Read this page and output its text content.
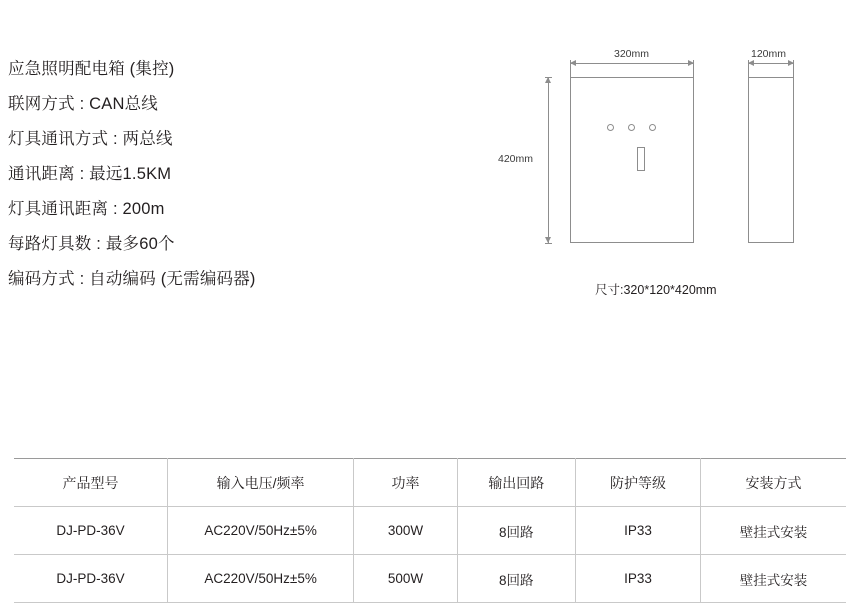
应急照明配电箱 (集控)
联网方式 : CAN总线
灯具通讯方式 : 两总线
通讯距离 : 最远1.5KM
灯具通讯距离 : 200m
每路灯具数 : 最多60个
编码方式 : 自动编码 (无需编码器)
320mm	120mm
420mm
尺寸:320*120*420mm
产品型号	输入电压/频率	功率	输出回路	防护等级	安装方式
DJ-PD-36V	AC220V/50Hz±5%	300W	8回路	IP33	壁挂式安装
DJ-PD-36V	AC220V/50Hz±5%	500W	8回路	IP33	壁挂式安装
